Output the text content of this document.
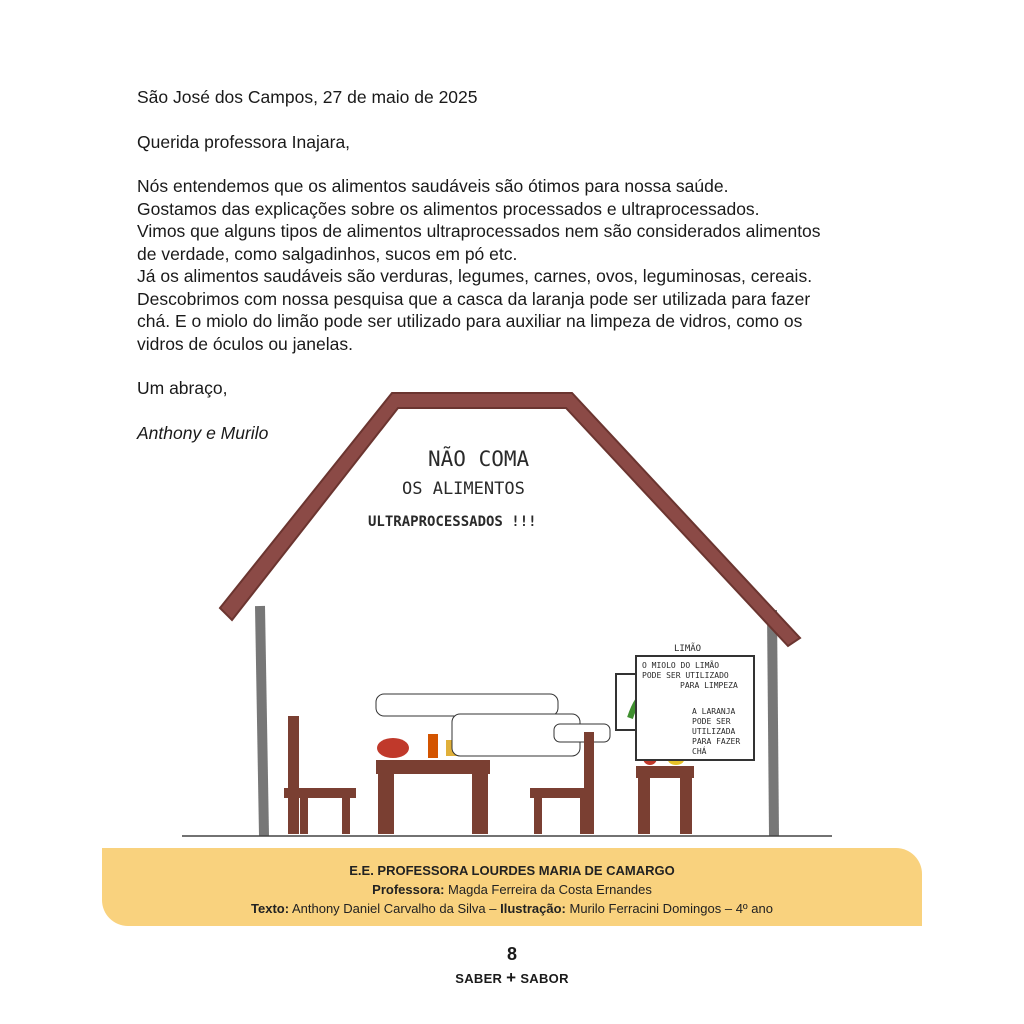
São José dos Campos, 27 de maio de 2025

Querida professora Inajara,

Nós entendemos que os alimentos saudáveis são ótimos para nossa saúde.

Gostamos das explicações sobre os alimentos processados e ultraprocessados.

Vimos que alguns tipos de alimentos ultraprocessados nem são considerados alimentos

de verdade, como salgadinhos, sucos em pó etc.

Já os alimentos saudáveis são verduras, legumes, carnes, ovos, leguminosas, cereais.

Descobrimos com nossa pesquisa que a casca da laranja pode ser utilizada para fazer

chá. E o miolo do limão pode ser utilizado para auxiliar na limpeza de vidros, como os

vidros de óculos ou janelas.

Um abraço,

Anthony e Murilo

NÃO COMA
OS ALIMENTOS
ULTRAPROCESSADOS !!!
LIMÃO
O MIOLO DO LIMÃO
PODE SER UTILIZADO
PARA LIMPEZA
A LARANJA
PODE SER
UTILIZADA
PARA FAZER
CHÁ
E.E. PROFESSORA LOURDES MARIA DE CAMARGO
Professora: Magda Ferreira da Costa Ernandes
Texto: Anthony Daniel Carvalho da Silva – Ilustração: Murilo Ferracini Domingos – 4º ano
8
SABER + SABOR
